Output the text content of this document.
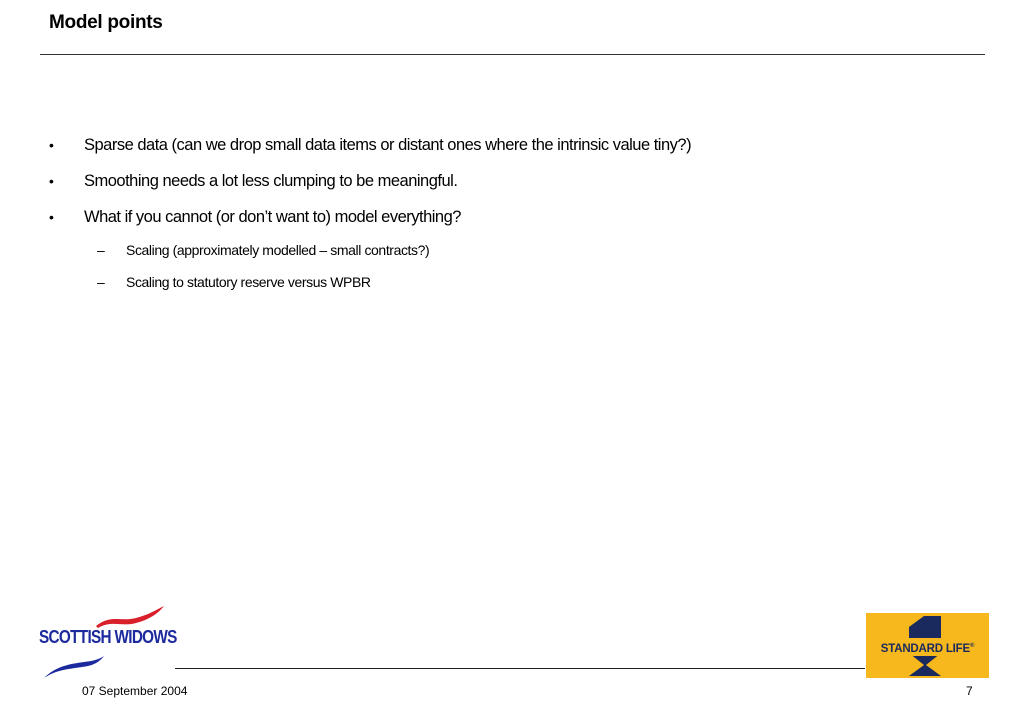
Model points
• Sparse data (can we drop small data items or distant ones where the intrinsic value tiny?)
• Smoothing needs a lot less clumping to be meaningful.
• What if you cannot (or don’t want to) model everything?
– Scaling (approximately modelled – small contracts?)
– Scaling to statutory reserve versus WPBR
SCOTTISH WIDOWS
STANDARD LIFE®
07 September 2004	7
